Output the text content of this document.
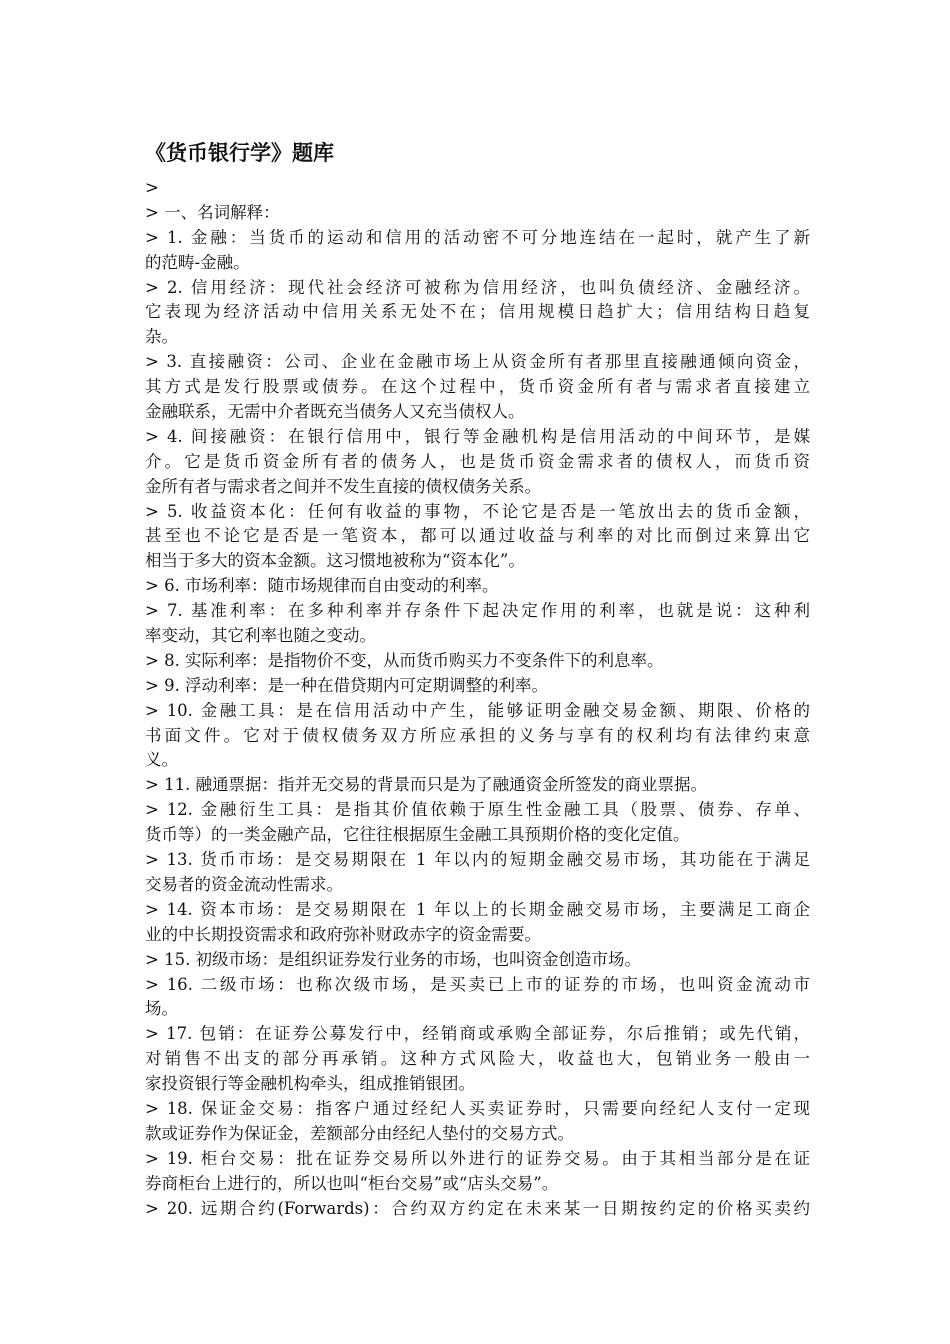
《货币银行学》题库
>
> 一、名词解释：
> 1. 金融：当货币的运动和信用的活动密不可分地连结在一起时，就产生了新
的范畴-金融。
> 2. 信用经济：现代社会经济可被称为信用经济，也叫负债经济、金融经济。
它表现为经济活动中信用关系无处不在；信用规模日趋扩大；信用结构日趋复
杂。
> 3. 直接融资：公司、企业在金融市场上从资金所有者那里直接融通倾向资金，
其方式是发行股票或债券。在这个过程中，货币资金所有者与需求者直接建立
金融联系，无需中介者既充当债务人又充当债权人。
> 4. 间接融资：在银行信用中，银行等金融机构是信用活动的中间环节，是媒
介。它是货币资金所有者的债务人，也是货币资金需求者的债权人，而货币资
金所有者与需求者之间并不发生直接的债权债务关系。
> 5. 收益资本化：任何有收益的事物，不论它是否是一笔放出去的货币金额，
甚至也不论它是否是一笔资本，都可以通过收益与利率的对比而倒过来算出它
相当于多大的资本金额。这习惯地被称为“资本化”。
> 6. 市场利率：随市场规律而自由变动的利率。
> 7. 基准利率：在多种利率并存条件下起决定作用的利率，也就是说：这种利
率变动，其它利率也随之变动。
> 8. 实际利率：是指物价不变，从而货币购买力不变条件下的利息率。
> 9. 浮动利率：是一种在借贷期内可定期调整的利率。
> 10. 金融工具：是在信用活动中产生，能够证明金融交易金额、期限、价格的
书面文件。它对于债权债务双方所应承担的义务与享有的权利均有法律约束意
义。
> 11. 融通票据：指并无交易的背景而只是为了融通资金所签发的商业票据。
> 12. 金融衍生工具：是指其价值依赖于原生性金融工具（股票、债券、存单、
货币等）的一类金融产品，它往往根据原生金融工具预期价格的变化定值。
> 13. 货币市场：是交易期限在 1 年以内的短期金融交易市场，其功能在于满足
交易者的资金流动性需求。
> 14. 资本市场：是交易期限在 1 年以上的长期金融交易市场，主要满足工商企
业的中长期投资需求和政府弥补财政赤字的资金需要。
> 15. 初级市场：是组织证券发行业务的市场，也叫资金创造市场。
> 16. 二级市场：也称次级市场，是买卖已上市的证券的市场，也叫资金流动市
场。
> 17. 包销：在证券公募发行中，经销商或承购全部证券，尔后推销；或先代销，
对销售不出支的部分再承销。这种方式风险大，收益也大，包销业务一般由一
家投资银行等金融机构牵头，组成推销银团。
> 18. 保证金交易：指客户通过经纪人买卖证券时，只需要向经纪人支付一定现
款或证券作为保证金，差额部分由经纪人垫付的交易方式。
> 19. 柜台交易：批在证券交易所以外进行的证券交易。由于其相当部分是在证
券商柜台上进行的，所以也叫“柜台交易”或“店头交易”。
> 20. 远期合约(Forwards)：合约双方约定在未来某一日期按约定的价格买卖约
